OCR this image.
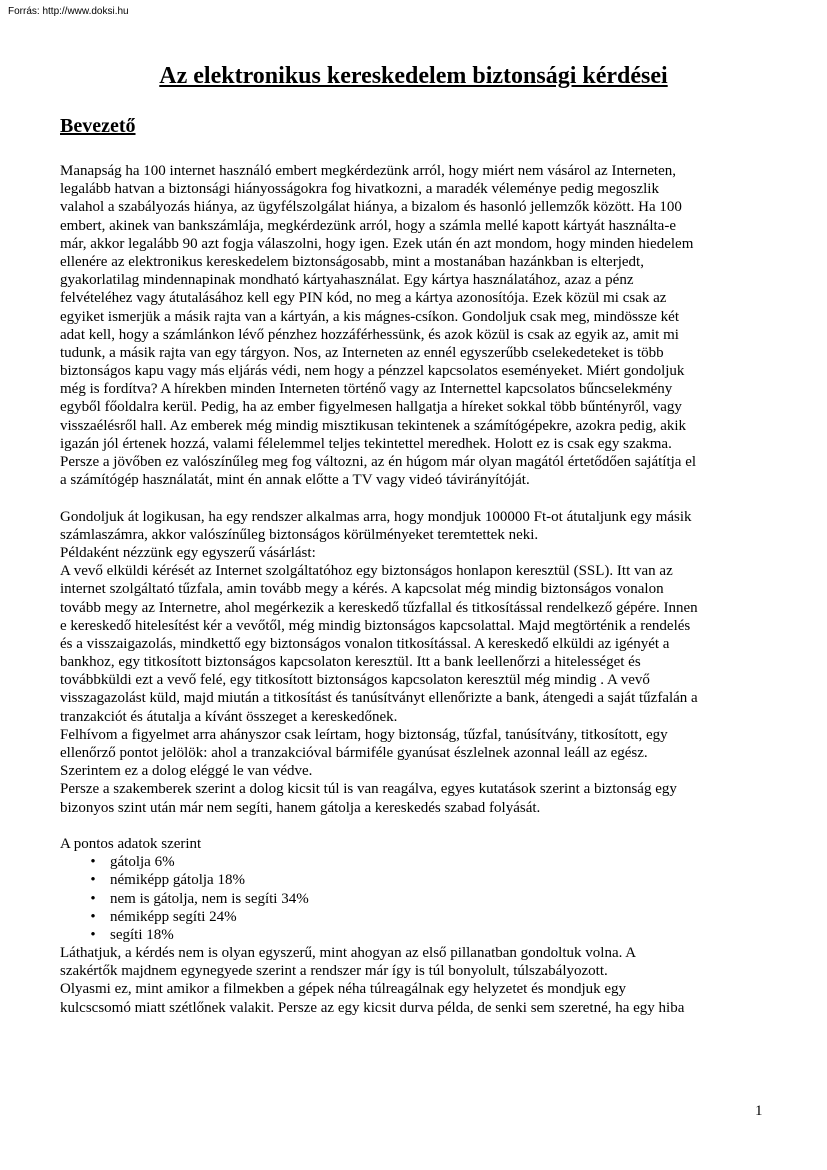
Forrás: http://www.doksi.hu
Az elektronikus kereskedelem biztonsági kérdései
Bevezető
Manapság ha 100 internet használó embert megkérdezünk arról, hogy miért nem vásárol az Interneten,
legalább hatvan a biztonsági hiányosságokra fog hivatkozni, a maradék véleménye pedig megoszlik
valahol a szabályozás hiánya, az ügyfélszolgálat hiánya, a bizalom és hasonló jellemzők között. Ha 100
embert, akinek van bankszámlája, megkérdezünk arról, hogy a számla mellé kapott kártyát használta-e
már, akkor legalább 90 azt fogja válaszolni, hogy igen. Ezek után én azt mondom, hogy minden hiedelem
ellenére az elektronikus kereskedelem biztonságosabb, mint a mostanában hazánkban is elterjedt,
gyakorlatilag mindennapinak mondható kártyahasználat. Egy kártya használatához, azaz a pénz
felvételéhez vagy átutalásához kell egy PIN kód, no meg a kártya azonosítója. Ezek közül mi csak az
egyiket ismerjük a másik rajta van a kártyán, a kis mágnes-csíkon. Gondoljuk csak meg, mindössze két
adat kell, hogy a számlánkon lévő pénzhez hozzáférhessünk, és azok közül is csak az egyik az, amit mi
tudunk, a másik rajta van egy tárgyon. Nos, az Interneten az ennél egyszerűbb cselekedeteket is több
biztonságos kapu vagy más eljárás védi, nem hogy a pénzzel kapcsolatos eseményeket. Miért gondoljuk
még is fordítva? A hírekben minden Interneten történő vagy az Internettel kapcsolatos bűncselekmény
egyből főoldalra kerül. Pedig, ha az ember figyelmesen hallgatja a híreket sokkal több bűntényről, vagy
visszaélésről hall. Az emberek még mindig misztikusan tekintenek a számítógépekre, azokra pedig, akik
igazán jól értenek hozzá, valami félelemmel teljes tekintettel meredhek. Holott ez is csak egy szakma.
Persze a jövőben ez valószínűleg meg fog változni, az én húgom már olyan magától értetődően sajátítja el
a számítógép használatát, mint én annak előtte a TV vagy videó távirányítóját.
Gondoljuk át logikusan, ha egy rendszer alkalmas arra, hogy mondjuk 100000 Ft-ot átutaljunk egy másik
számlaszámra, akkor valószínűleg biztonságos körülményeket teremtettek neki.
Példaként nézzünk egy egyszerű vásárlást:
A vevő elküldi kérését az Internet szolgáltatóhoz egy biztonságos honlapon keresztül (SSL). Itt van az
internet szolgáltató tűzfala, amin tovább megy a kérés. A kapcsolat még mindig biztonságos vonalon
tovább megy az Internetre, ahol megérkezik a kereskedő tűzfallal és titkosítással rendelkező gépére. Innen
e kereskedő hitelesítést kér a vevőtől, még mindig biztonságos kapcsolattal. Majd megtörténik a rendelés
és a visszaigazolás, mindkettő egy biztonságos vonalon titkosítással. A kereskedő elküldi az igényét a
bankhoz, egy titkosított biztonságos kapcsolaton keresztül. Itt a bank leellenőrzi a hitelességet és
továbbküldi ezt a vevő felé, egy titkosított biztonságos kapcsolaton keresztül még mindig . A vevő
visszagazolást küld, majd miután a titkosítást és tanúsítványt ellenőrizte a bank, átengedi a saját tűzfalán a
tranzakciót és átutalja a kívánt összeget a kereskedőnek.
Felhívom a figyelmet arra ahányszor csak leírtam, hogy biztonság, tűzfal, tanúsítvány, titkosított, egy
ellenőrző pontot jelölök: ahol a tranzakcióval bármiféle gyanúsat észlelnek azonnal leáll az egész.
Szerintem ez a dolog eléggé le van védve.
Persze a szakemberek szerint a dolog kicsit túl is van reagálva, egyes kutatások szerint a biztonság egy
bizonyos szint után már nem segíti, hanem gátolja a kereskedés szabad folyását.
A pontos adatok szerint
• gátolja 6%
• némiképp gátolja 18%
• nem is gátolja, nem is segíti 34%
• némiképp segíti 24%
• segíti 18%
Láthatjuk, a kérdés nem is olyan egyszerű, mint ahogyan az első pillanatban gondoltuk volna. A
szakértők majdnem egynegyede szerint a rendszer már így is túl bonyolult, túlszabályozott.
Olyasmi ez, mint amikor a filmekben a gépek néha túlreagálnak egy helyzetet és mondjuk egy
kulcscsomó miatt szétlőnek valakit. Persze az egy kicsit durva példa, de senki sem szeretné, ha egy hiba
1
